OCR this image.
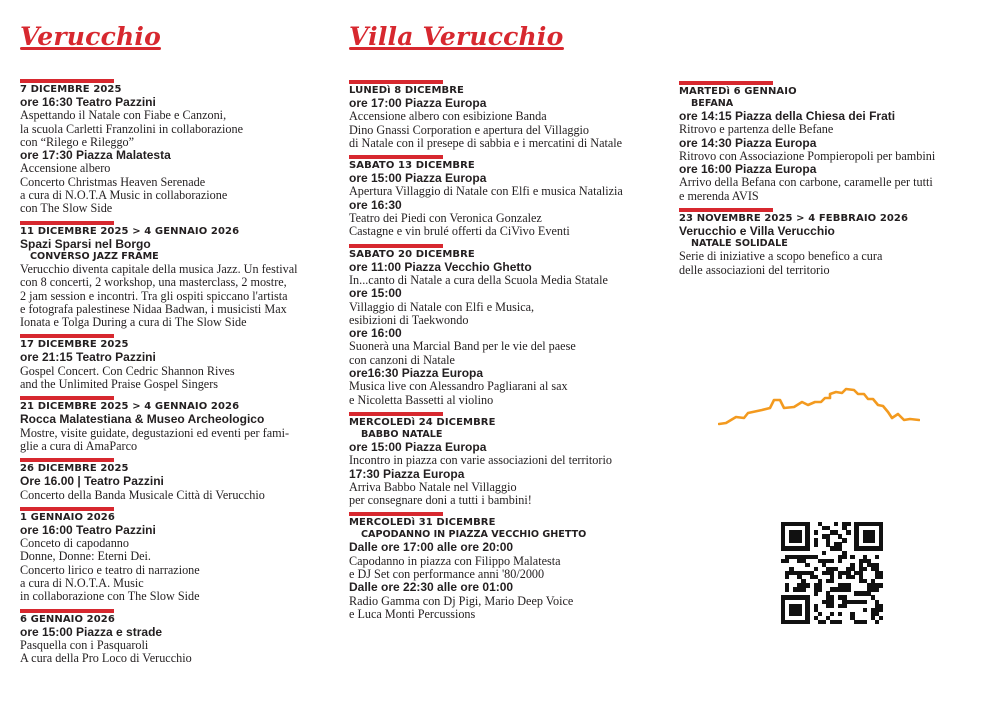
Verucchio	Villa Verucchio
7 DICEMBRE 2025
ore 16:30 Teatro Pazzini
Aspettando il Natale con Fiabe e Canzoni,
la scuola Carletti Franzolini in collaborazione
con “Rilego e Rileggo”
ore 17:30 Piazza Malatesta
Accensione albero
Concerto Christmas Heaven Serenade
a cura di N.O.T.A Music in collaborazione
con The Slow Side
11 DICEMBRE 2025 > 4 GENNAIO 2026
Spazi Sparsi nel Borgo
CONVERSO JAZZ FRAME
Verucchio diventa capitale della musica Jazz. Un festival
con 8 concerti, 2 workshop, una masterclass, 2 mostre,
2 jam session e incontri. Tra gli ospiti spiccano l'artista
e fotografa palestinese Nidaa Badwan, i musicisti Max
Ionata e Tolga During a cura di The Slow Side
17 DICEMBRE 2025
ore 21:15 Teatro Pazzini
Gospel Concert. Con Cedric Shannon Rives
and the Unlimited Praise Gospel Singers
21 DICEMBRE 2025 > 4 GENNAIO 2026
Rocca Malatestiana & Museo Archeologico
Mostre, visite guidate, degustazioni ed eventi per fami-
glie a cura di AmaParco
26 DICEMBRE 2025
Ore 16.00 | Teatro Pazzini
Concerto della Banda Musicale Città di Verucchio
1 GENNAIO 2026
ore 16:00 Teatro Pazzini
Conceto di capodanno
Donne, Donne: Eterni Dei.
Concerto lirico e teatro di narrazione
a cura di N.O.T.A. Music
in collaborazione con The Slow Side
6 GENNAIO 2026
ore 15:00 Piazza e strade
Pasquella con i Pasquaroli
A cura della Pro Loco di Verucchio
LUNEDì 8 DICEMBRE
ore 17:00 Piazza Europa
Accensione albero con esibizione Banda
Dino Gnassi Corporation e apertura del Villaggio
di Natale con il presepe di sabbia e i mercatini di Natale
SABATO 13 DICEMBRE
ore 15:00 Piazza Europa
Apertura Villaggio di Natale con Elfi e musica Natalizia
ore 16:30
Teatro dei Piedi con Veronica Gonzalez
Castagne e vin brulé offerti da CiVivo Eventi
SABATO 20 DICEMBRE
ore 11:00 Piazza Vecchio Ghetto
In...canto di Natale a cura della Scuola Media Statale
ore 15:00
Villaggio di Natale con Elfi e Musica,
esibizioni di Taekwondo
ore 16:00
Suonerà una Marcial Band per le vie del paese
con canzoni di Natale
ore16:30 Piazza Europa
Musica live con Alessandro Pagliarani al sax
e Nicoletta Bassetti al violino
MERCOLEDì 24 DICEMBRE
BABBO NATALE
ore 15:00 Piazza Europa
Incontro in piazza con varie associazioni del territorio
17:30 Piazza Europa
Arriva Babbo Natale nel Villaggio
per consegnare doni a tutti i bambini!
MERCOLEDì 31 DICEMBRE
CAPODANNO IN PIAZZA VECCHIO GHETTO
Dalle ore 17:00 alle ore 20:00
Capodanno in piazza con Filippo Malatesta
e DJ Set con performance anni '80/2000
Dalle ore 22:30 alle ore 01:00
Radio Gamma con Dj Pigi, Mario Deep Voice
e Luca Monti Percussions
MARTEDì 6 GENNAIO
BEFANA
ore 14:15 Piazza della Chiesa dei Frati
Ritrovo e partenza delle Befane
ore 14:30 Piazza Europa
Ritrovo con Associazione Pompieropoli per bambini
ore 16:00 Piazza Europa
Arrivo della Befana con carbone, caramelle per tutti
e merenda AVIS
23 NOVEMBRE 2025 > 4 FEBBRAIO 2026
Verucchio e Villa Verucchio
NATALE SOLIDALE
Serie di iniziative a scopo benefico a cura
delle associazioni del territorio
